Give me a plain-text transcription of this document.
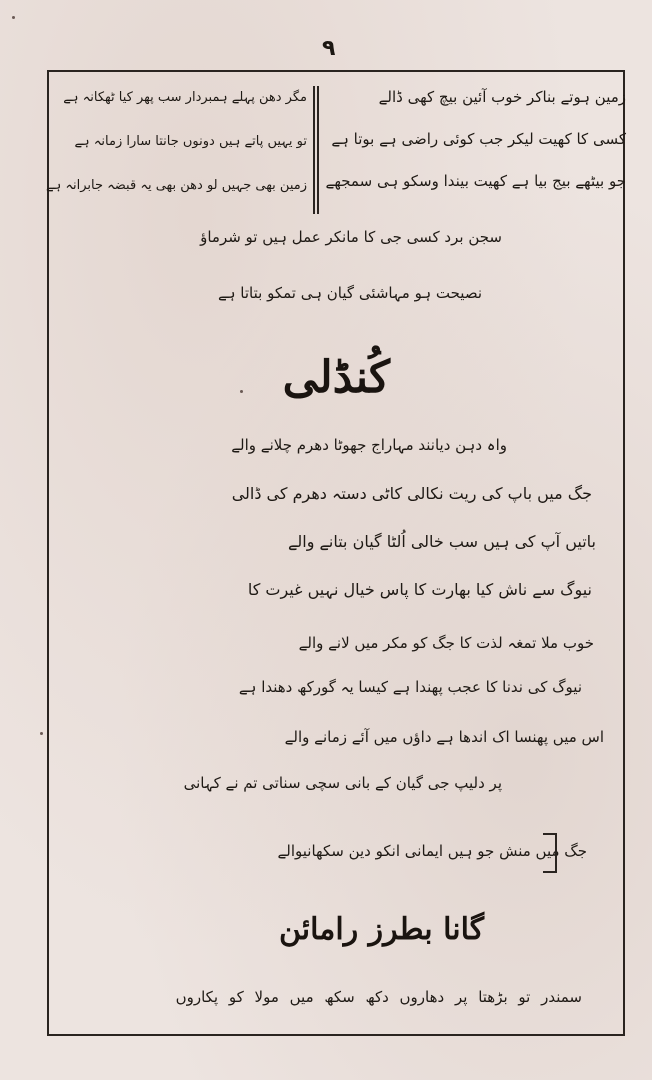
۹
زمین ہوتے بناکر خوب آئین بیچ کھی ڈالے
کسی کا کھیت لیکر جب کوئی راضی ہے بوتا ہے
جو بیٹھے بیج بیا ہے کھیت بیندا وسکو ہی سمجھے
مگر دھن پہلے ہمبردار سب پھر کیا ٹھکانہ ہے
تو یہیں پاتے ہیں دونوں جانتا سارا زمانہ ہے
زمین بھی جہیں لو دھن بھی یہ قبضہ جابرانہ ہے
سجن برد کسی جی کا مانکر عمل ہیں تو شرماؤ
نصیحت ہو مہاشئی گیان ہی تمکو بتاتا ہے
کُنڈلی
واہ دہن دیانند مہاراج جھوٹا دھرم چلانے والے
جگ میں باپ کی ریت نکالی کاٹی دستہ دھرم کی ڈالی
باتیں آپ کی ہیں سب خالی اُلٹا گیان بتانے والے
نیوگ سے ناش کیا بھارت کا پاس خیال نہیں غیرت کا
خوب ملا تمغہ لذت کا جگ کو مکر میں لانے والے
نیوگ کی ندنا کا عجب پھندا ہے کیسا یہ گورکھ دھندا ہے
اس میں پھنسا اک اندھا ہے داؤں میں آئے زمانے والے
پر دلیپ جی گیان کے بانی سچی سناتی تم نے کہانی
جگ میں منش جو ہیں ایمانی انکو دین سکھانیوالے
گانا بطرز رامائن
سمندر تو بڑھتا پر دھاروں دکھ سکھ میں مولا کو پکاروں
